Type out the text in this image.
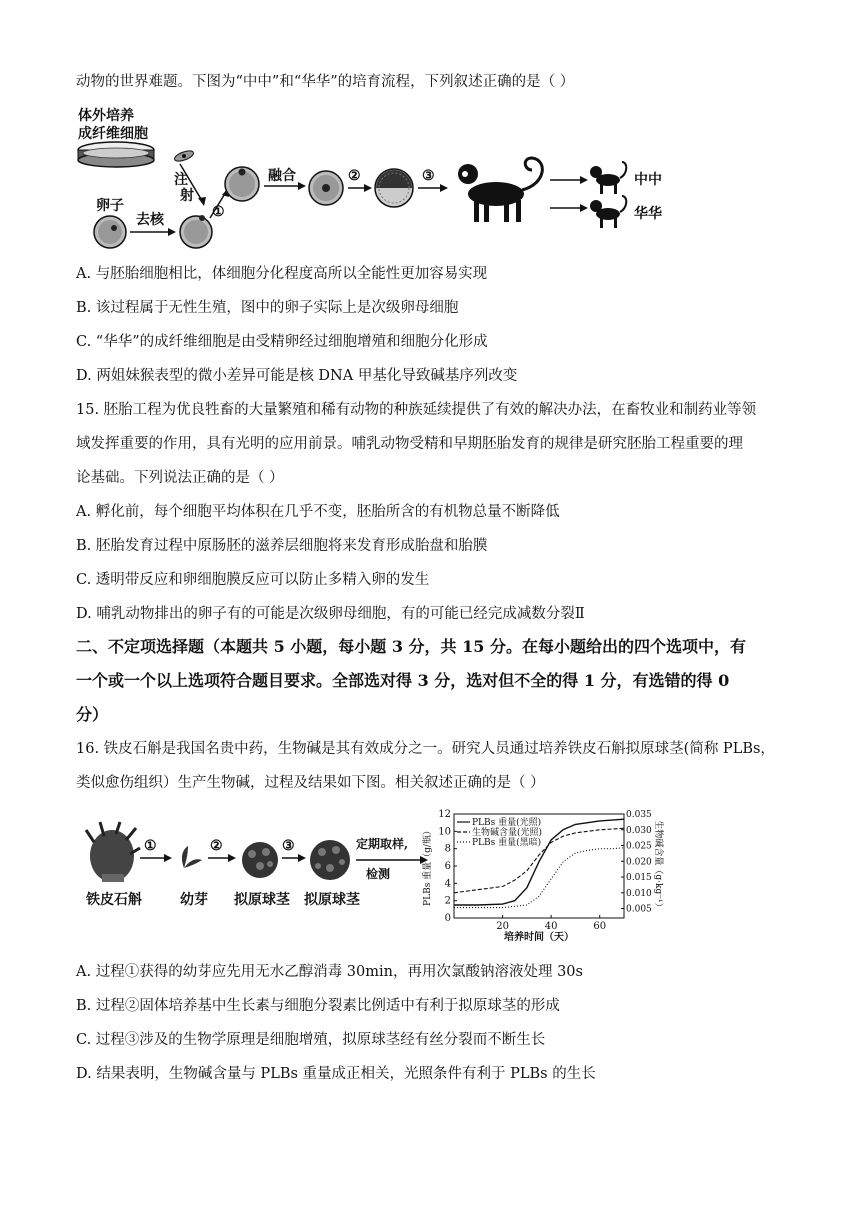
动物的世界难题。下图为“中中”和“华华”的培育流程，下列叙述正确的是（ ）
体外培养
成纤维细胞
注
射
卵子
去核	①
融合	②	③	中中
华华
A. 与胚胎细胞相比，体细胞分化程度高所以全能性更加容易实现
B. 该过程属于无性生殖，图中的卵子实际上是次级卵母细胞
C. “华华”的成纤维细胞是由受精卵经过细胞增殖和细胞分化形成
D. 两姐妹猴表型的微小差异可能是核 DNA 甲基化导致碱基序列改变
15. 胚胎工程为优良牲畜的大量繁殖和稀有动物的种族延续提供了有效的解决办法，在畜牧业和制药业等领
域发挥重要的作用，具有光明的应用前景。哺乳动物受精和早期胚胎发育的规律是研究胚胎工程重要的理
论基础。下列说法正确的是（ ）
A. 孵化前，每个细胞平均体积在几乎不变，胚胎所含的有机物总量不断降低
B. 胚胎发育过程中原肠胚的滋养层细胞将来发育形成胎盘和胎膜
C. 透明带反应和卵细胞膜反应可以防止多精入卵的发生
D. 哺乳动物排出的卵子有的可能是次级卵母细胞，有的可能已经完成减数分裂Ⅱ
二、不定项选择题（本题共 5 小题，每小题 3 分，共 15 分。在每小题给出的四个选项中，有
一个或一个以上选项符合题目要求。全部选对得 3 分，选对但不全的得 1 分，有选错的得 0
分）
16. 铁皮石斛是我国名贵中药，生物碱是其有效成分之一。研究人员通过培养铁皮石斛拟原球茎(简称 PLBs，
类似愈伤组织）生产生物碱，过程及结果如下图。相关叙述正确的是（ ）
铁皮石斛
①
幼芽
②
拟原球茎
③
拟原球茎
定期取样,
检测
PLBs 重量(光照)
生物碱含量(光照)
PLBs 重量(黑暗)
0
2
4
6
8
10
12
0.005
0.010
0.015
0.020
0.025
0.030
0.035
20	40	60
PLBs 重量（g/瓶）	生物碱含量（g·kg⁻¹）
培养时间（天）
A. 过程①获得的幼芽应先用无水乙醇消毒 30min，再用次氯酸钠溶液处理 30s
B. 过程②固体培养基中生长素与细胞分裂素比例适中有利于拟原球茎的形成
C. 过程③涉及的生物学原理是细胞增殖，拟原球茎经有丝分裂而不断生长
D. 结果表明，生物碱含量与 PLBs 重量成正相关，光照条件有利于 PLBs 的生长
